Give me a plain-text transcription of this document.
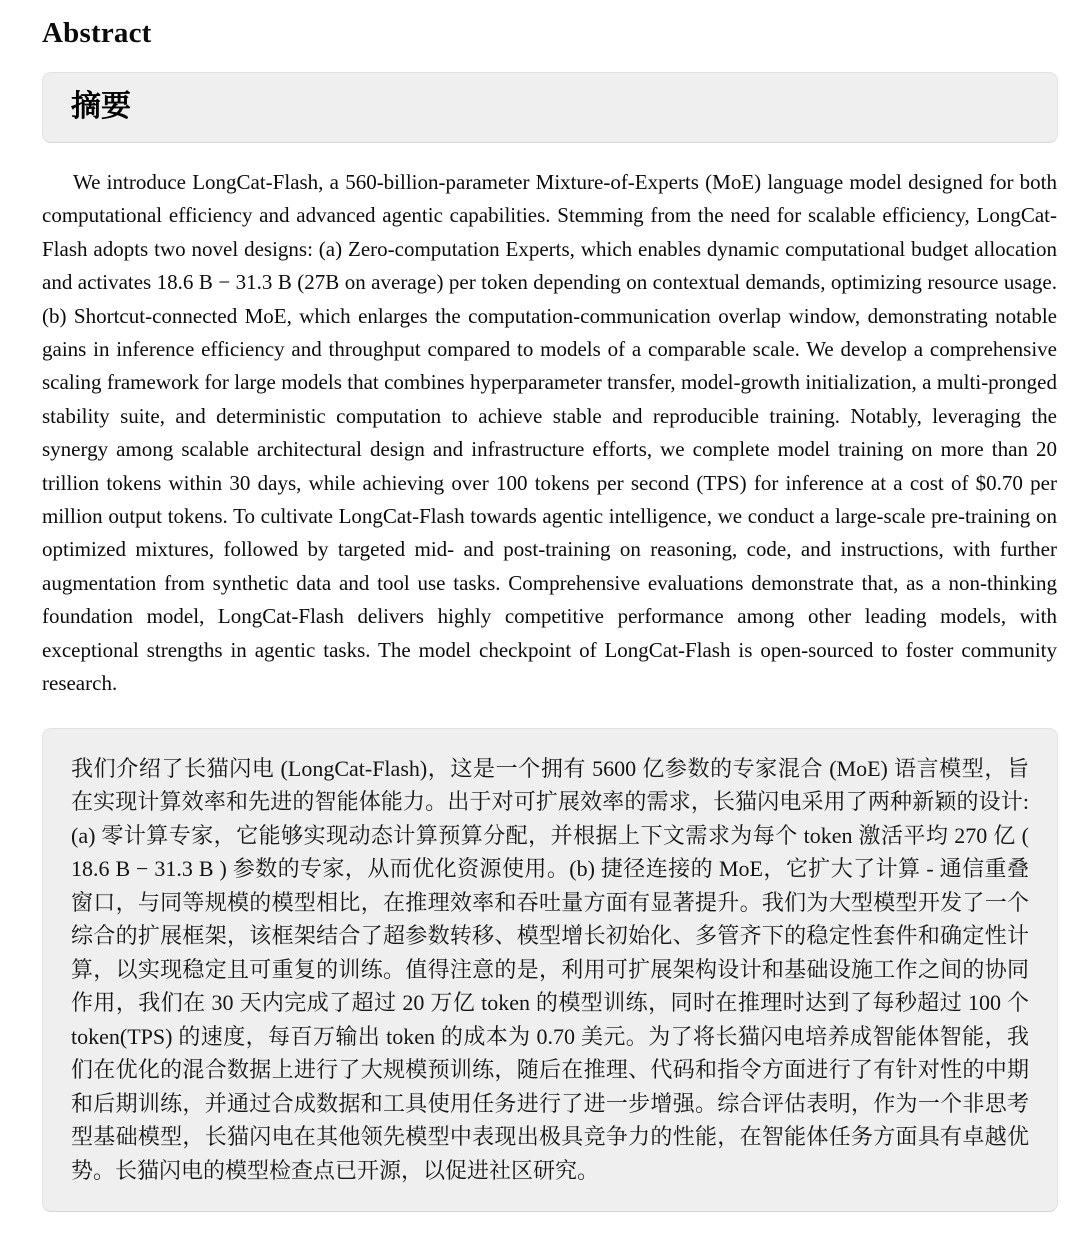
Abstract
摘要

We introduce LongCat-Flash, a 560-billion-parameter Mixture-of-Experts (MoE) language model designed for both computational efficiency and advanced agentic capabilities. Stemming from the need for scalable efficiency, LongCat-Flash adopts two novel designs: (a) Zero-computation Experts, which enables dynamic computational budget allocation and activates 18.6 B − 31.3 B (27B on average) per token depending on contextual demands, optimizing resource usage. (b) Shortcut-connected MoE, which enlarges the computation-communication overlap window, demonstrating notable gains in inference efficiency and throughput compared to models of a comparable scale. We develop a comprehensive scaling framework for large models that combines hyperparameter transfer, model-growth initialization, a multi-pronged stability suite, and deterministic computation to achieve stable and reproducible training. Notably, leveraging the synergy among scalable architectural design and infrastructure efforts, we complete model training on more than 20 trillion tokens within 30 days, while achieving over 100 tokens per second (TPS) for inference at a cost of $0.70 per million output tokens. To cultivate LongCat-Flash towards agentic intelligence, we conduct a large-scale pre-training on optimized mixtures, followed by targeted mid- and post-training on reasoning, code, and instructions, with further augmentation from synthetic data and tool use tasks. Comprehensive evaluations demonstrate that, as a non-thinking foundation model, LongCat-Flash delivers highly competitive performance among other leading models, with exceptional strengths in agentic tasks. The model checkpoint of LongCat-Flash is open-sourced to foster community research.

我们介绍了长猫闪电 (LongCat-Flash)，这是一个拥有 5600 亿参数的专家混合 (MoE) 语言模型，旨在实现计算效率和先进的智能体能力。出于对可扩展效率的需求，长猫闪电采用了两种新颖的设计:(a) 零计算专家，它能够实现动态计算预算分配，并根据上下文需求为每个 token 激活平均 270 亿 ( 18.6 B − 31.3 B ) 参数的专家，从而优化资源使用。(b) 捷径连接的 MoE，它扩大了计算 - 通信重叠窗口，与同等规模的模型相比，在推理效率和吞吐量方面有显著提升。我们为大型模型开发了一个综合的扩展框架，该框架结合了超参数转移、模型增长初始化、多管齐下的稳定性套件和确定性计算，以实现稳定且可重复的训练。值得注意的是，利用可扩展架构设计和基础设施工作之间的协同作用，我们在 30 天内完成了超过 20 万亿 token 的模型训练，同时在推理时达到了每秒超过 100 个 token(TPS) 的速度，每百万输出 token 的成本为 0.70 美元。为了将长猫闪电培养成智能体智能，我们在优化的混合数据上进行了大规模预训练，随后在推理、代码和指令方面进行了有针对性的中期和后期训练，并通过合成数据和工具使用任务进行了进一步增强。综合评估表明，作为一个非思考型基础模型，长猫闪电在其他领先模型中表现出极具竞争力的性能，在智能体任务方面具有卓越优势。长猫闪电的模型检查点已开源，以促进社区研究。
